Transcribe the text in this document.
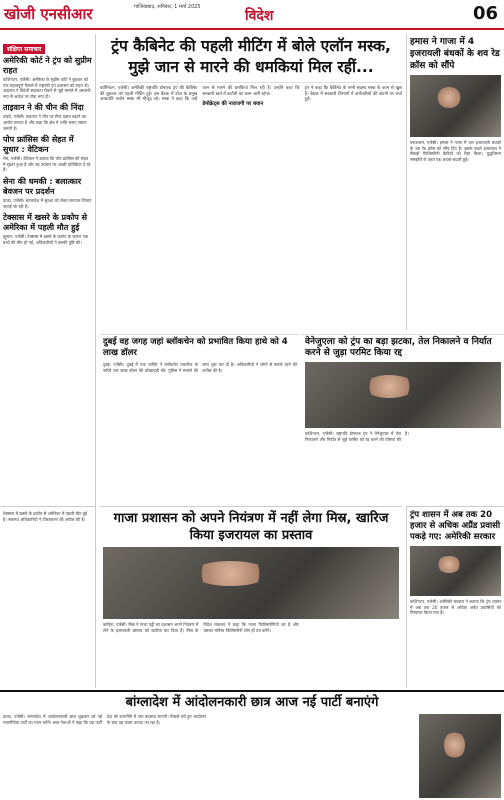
खोजी एनसीआर	गाजियाबाद, शनिवार, 1 मार्च 2025
विदेश	06
संक्षिप्त समाचार
अमेरिकी कोर्ट ने ट्रंप को सुप्रीम राहत
वाशिंगटन, एजेंसी। अमेरिका के सुप्रीम कोर्ट ने बुधवार को एक महत्वपूर्ण फैसले में राष्ट्रपति ट्रंप प्रशासन को राहत दी। अदालत ने विदेशी सहायता रोकने से जुड़े मामले में अस्थायी रूप से आदेश पर रोक लगा दी।
ताइवान ने की चीन की निंदा
ताइपे, एजेंसी। ताइवान ने चीन पर सैन्य दबाव बढ़ाने का आरोप लगाया है और कहा कि क्षेत्र में शांति बनाए रखना जरूरी है।
पोप फ्रांसिस की सेहत में सुधार : वेटिकन
रोम, एजेंसी। वेटिकन ने बताया कि पोप फ्रांसिस की सेहत में सुधार हुआ है और वह उपचार पर अच्छी प्रतिक्रिया दे रहे हैं।
सेना की धमकी : बलात्कार बेवजन पर प्रदर्शन
ढाका, एजेंसी। बांग्लादेश में सुरक्षा को लेकर लगातार चिंताएं जताई जा रही हैं।
टेक्सास में खसरे के प्रकोप से अमेरिका में पहली मौत हुई
ह्यूस्टन, एजेंसी। टेक्सास में खसरे के प्रकोप के कारण एक बच्चे की मौत हो गई, अधिकारियों ने इसकी पुष्टि की।
ट्रंप कैबिनेट की पहली मीटिंग में बोले एलॉन मस्क, मुझे जान से मारने की धमकियां मिल रहीं...
वाशिंगटन, एजेंसी। अमेरिकी राष्ट्रपति डोनाल्ड ट्रंप की कैबिनेट की बुधवार को पहली मीटिंग हुई। इस बैठक में डोज के प्रमुख अरबपति एलॉन मस्क भी मौजूद रहे। मस्क ने कहा कि उन्हें जान से मारने की धमकियां मिल रही हैं। उन्होंने कहा कि सरकारी खर्च में कटौती का काम जारी रहेगा।
डेमोक्रेट्स की नाराजगी पर बयान
ट्रंप ने कहा कि कैबिनेट के सभी सदस्य मस्क के काम से खुश हैं। बैठक में सरकारी विभागों में कर्मचारियों की छंटनी पर चर्चा हुई।
हमास ने गाजा में 4 इजरायली बंधकों के शव रेड क्रॉस को सौंपे
यरूशलम, एजेंसी। हमास ने गाजा में चार इजरायली बंधकों के शव रेड क्रॉस को सौंप दिए हैं। इसके बदले इजरायल ने सैकड़ों फिलिस्तीनी कैदियों को रिहा किया। युद्धविराम समझौते के तहत यह अदला-बदली हुई।
दुबई वह जगह जहां ब्लॉकचेन को प्रभावित किया हाथे को 4 लाख डॉलर
दुबई, एजेंसी। दुबई में एक व्यक्ति ने ब्लॉकचेन तकनीक के जरिये चार लाख डॉलर की धोखाधड़ी की। पुलिस ने मामले की जांच शुरू कर दी है। अधिकारियों ने लोगों से सतर्क रहने की अपील की है।
वेनेजुएला को ट्रंप का बड़ा झटका, तेल निकालने व निर्यात करने से जुड़ा परमिट किया रद्द
वाशिंगटन, एजेंसी। राष्ट्रपति डोनाल्ड ट्रंप ने वेनेजुएला में तेल निकालने और निर्यात से जुड़े परमिट को रद्द करने की घोषणा की है।
टेक्सास में खसरे के प्रकोप से अमेरिका में पहली मौत हुई है। स्वास्थ्य अधिकारियों ने टीकाकरण की अपील की है।	गाजा प्रशासन को अपने नियंत्रण में नहीं लेगा मिस्र, खारिज किया इजरायल का प्रस्ताव
काहिरा, एजेंसी। मिस्र ने गाजा पट्टी का प्रशासन अपने नियंत्रण में लेने के इजरायली प्रस्ताव को खारिज कर दिया है। मिस्र के विदेश मंत्रालय ने कहा कि गाजा फिलिस्तीनियों का है और उसका भविष्य फिलिस्तीनी लोग ही तय करेंगे।
ट्रंप शासन में अब तक 20 हजार से अधिक अप्रैंड प्रवासी पकड़े गए: अमेरिकी सरकार
वाशिंगटन, एजेंसी। अमेरिकी सरकार ने बताया कि ट्रंप शासन में अब तक 20 हजार से अधिक अवैध प्रवासियों को गिरफ्तार किया गया है।
बांग्लादेश में आंदोलनकारी छात्र आज नई पार्टी बनाएंगे
ढाका, एजेंसी। बांग्लादेश में आंदोलनकारी छात्र शुक्रवार को नई राजनीतिक पार्टी का गठन करेंगे। छात्र नेताओं ने कहा कि यह पार्टी देश की राजनीति में नया बदलाव लाएगी। पिछले वर्ष हुए आंदोलन के बाद यह कदम उठाया जा रहा है।
